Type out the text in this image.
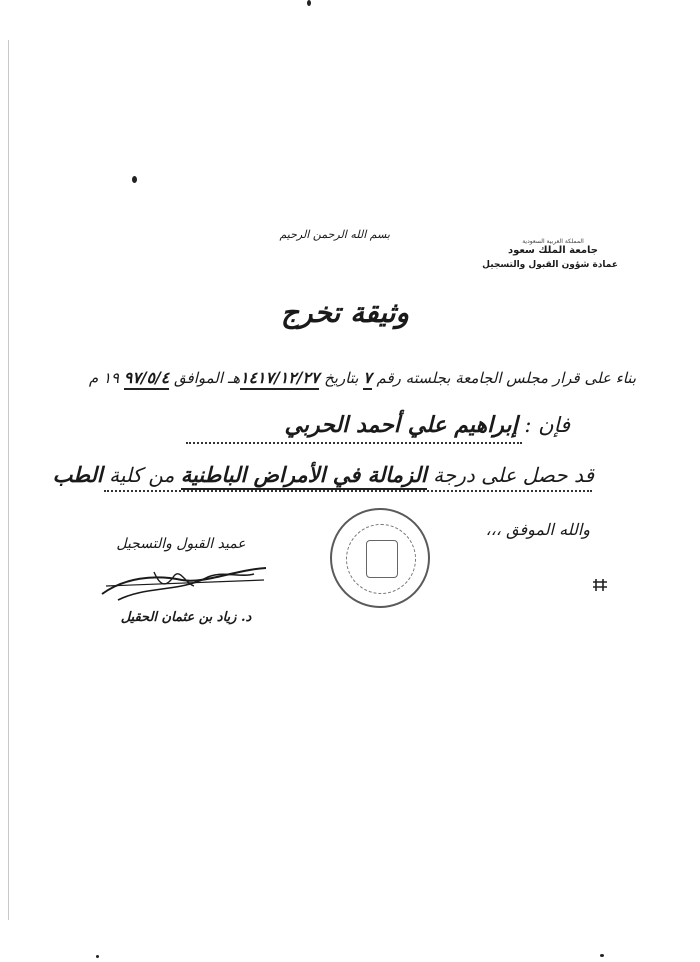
المملكة العربية السعودية
جامعة الملك سعود
عمادة شؤون القبول والتسجيل
بسم الله الرحمن الرحيم
وثيقة تخرج
بناء على قرار مجلس الجامعة بجلسته رقم ٧ بتاريخ ١٤١٧/١٢/٢٧هـ الموافق ٩٧/٥/٤ ١٩ م
فإن : إبراهيم علي أحمد الحربي
قد حصل على درجة الزمالة في الأمراض الباطنية من كلية الطب
والله الموفق ،،،
عميد القبول والتسجيل
د. زياد بن عثمان الحقيل
